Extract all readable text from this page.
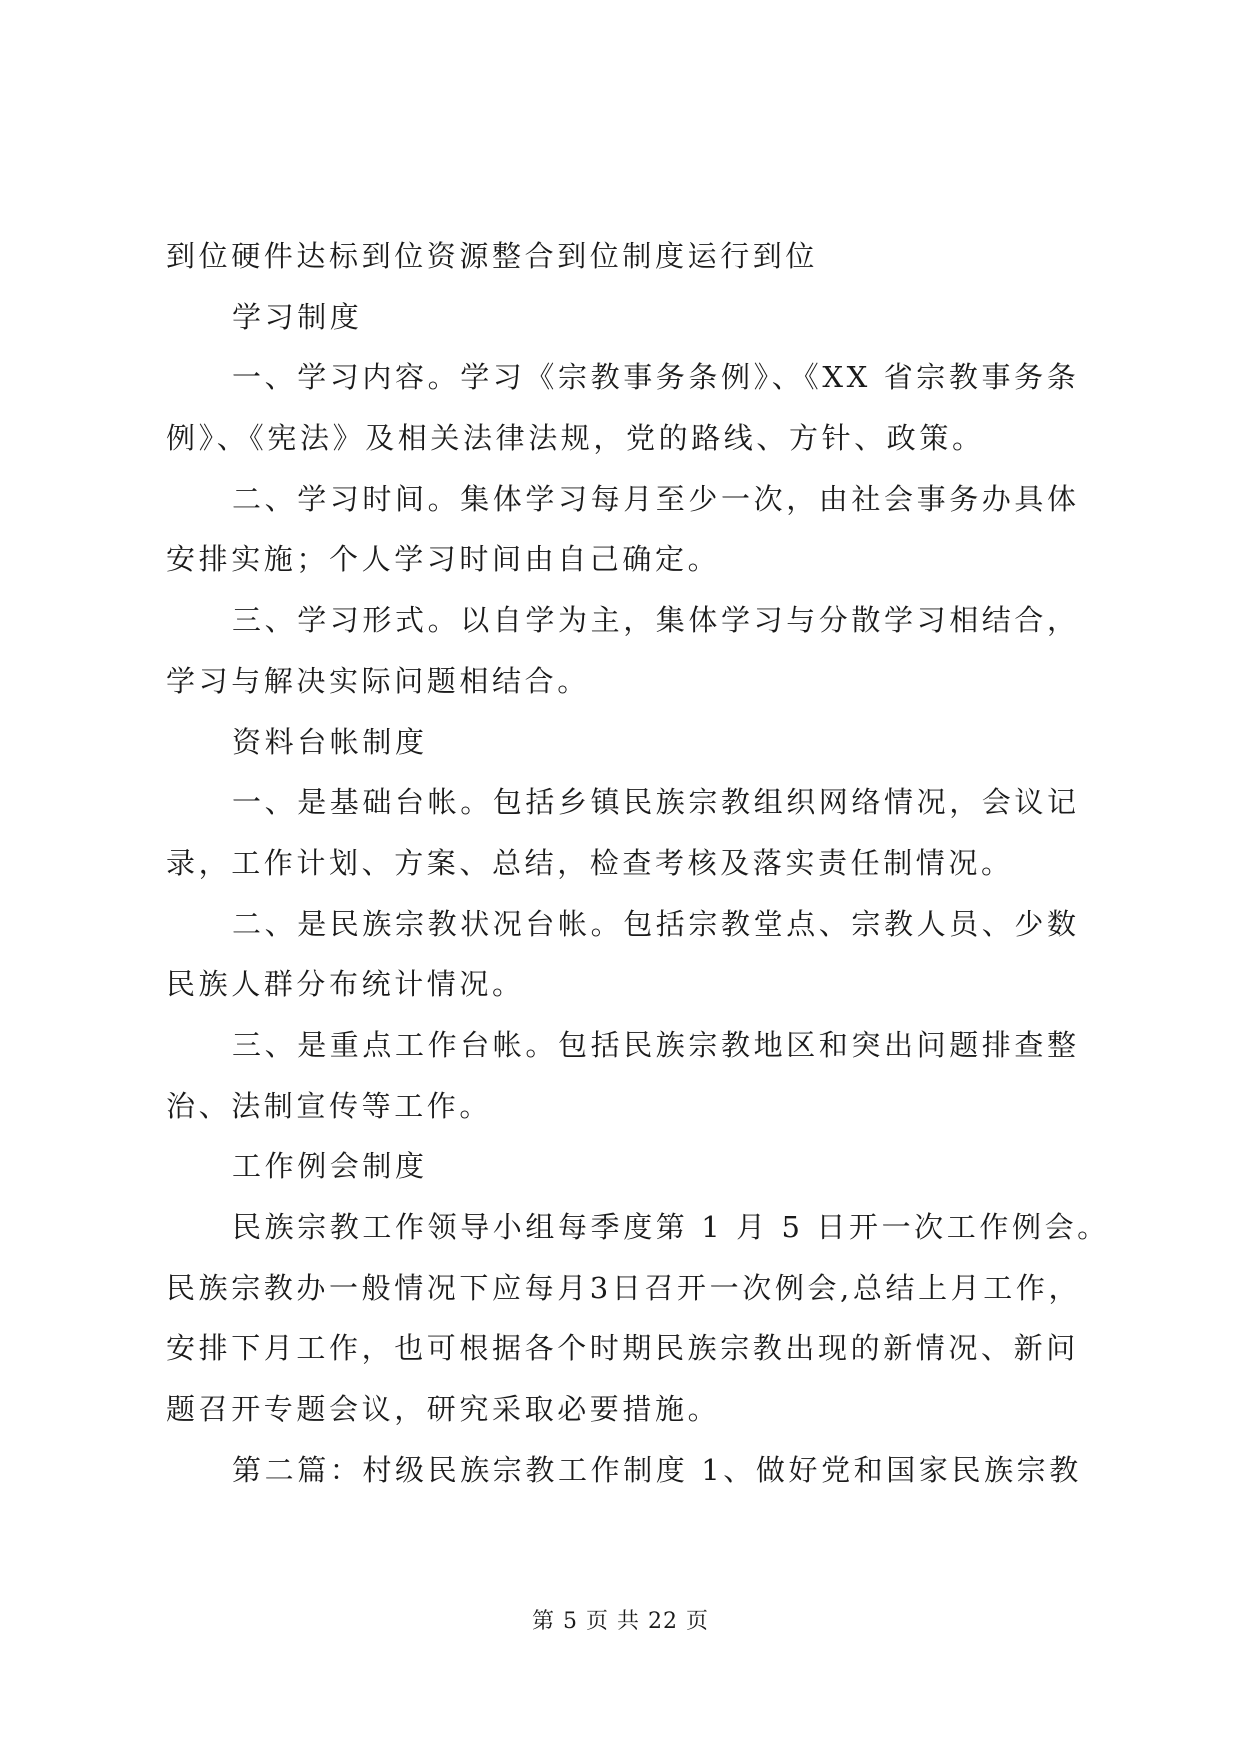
到位硬件达标到位资源整合到位制度运行到位
学习制度
一、学习内容。学习《宗教事务条例》、《XX 省宗教事务条
例》、《宪法》及相关法律法规，党的路线、方针、政策。
二、学习时间。集体学习每月至少一次，由社会事务办具体
安排实施；个人学习时间由自己确定。
三、学习形式。以自学为主，集体学习与分散学习相结合，
学习与解决实际问题相结合。
资料台帐制度
一、是基础台帐。包括乡镇民族宗教组织网络情况，会议记
录，工作计划、方案、总结，检查考核及落实责任制情况。
二、是民族宗教状况台帐。包括宗教堂点、宗教人员、少数
民族人群分布统计情况。
三、是重点工作台帐。包括民族宗教地区和突出问题排查整
治、法制宣传等工作。
工作例会制度
民族宗教工作领导小组每季度第 1 月 5 日开一次工作例会。
民族宗教办一般情况下应每月3日召开一次例会,总结上月工作，
安排下月工作，也可根据各个时期民族宗教出现的新情况、新问
题召开专题会议，研究采取必要措施。
第二篇：村级民族宗教工作制度 1、做好党和国家民族宗教
第 5 页 共 22 页
